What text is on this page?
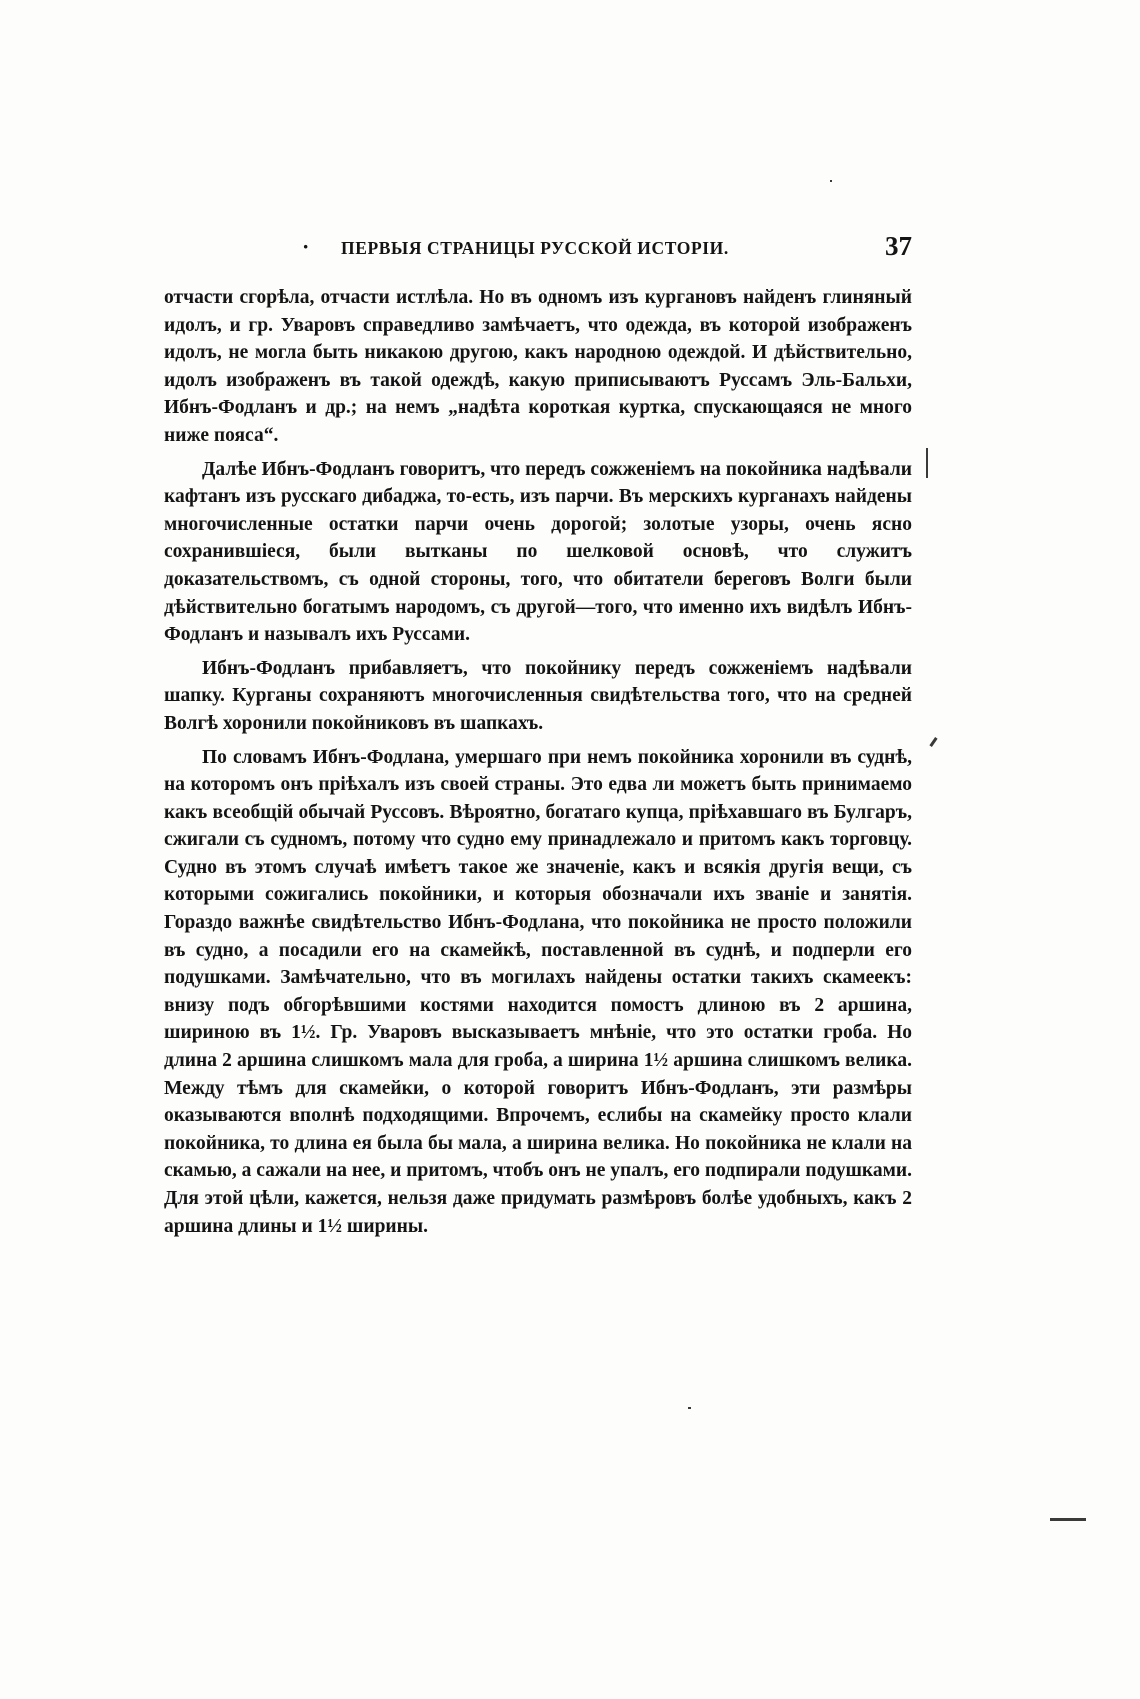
· ПЕРВЫЯ СТРАНИЦЫ РУССКОЙ ИСТОРІИ.	37

отчасти сгорѣла, отчасти истлѣла. Но въ одномъ изъ кургановъ найденъ глиняный идолъ, и гр. Уваровъ справедливо замѣчаетъ, что одежда, въ которой изображенъ идолъ, не могла быть никакою другою, какъ народною одеждой. И дѣйствительно, идолъ изображенъ въ такой одеждѣ, какую приписываютъ Руссамъ Эль-Бальхи, Ибнъ-Фодланъ и др.; на немъ „надѣта короткая куртка, спускающаяся не много ниже пояса“.

Далѣе Ибнъ-Фодланъ говоритъ, что передъ сожженіемъ на покойника надѣвали кафтанъ изъ русскаго дибаджа, то-есть, изъ парчи. Въ мерскихъ курганахъ найдены многочисленные остатки парчи очень дорогой; золотые узоры, очень ясно сохранившіеся, были вытканы по шелковой основѣ, что служитъ доказательствомъ, съ одной стороны, того, что обитатели береговъ Волги были дѣйствительно богатымъ народомъ, съ другой—того, что именно ихъ видѣлъ Ибнъ-Фодланъ и называлъ ихъ Руссами.

Ибнъ-Фодланъ прибавляетъ, что покойнику передъ сожженіемъ надѣвали шапку. Курганы сохраняютъ многочисленныя свидѣтельства того, что на средней Волгѣ хоронили покойниковъ въ шапкахъ.

По словамъ Ибнъ-Фодлана, умершаго при немъ покойника хоронили въ суднѣ, на которомъ онъ пріѣхалъ изъ своей страны. Это едва ли можетъ быть принимаемо какъ всеобщій обычай Руссовъ. Вѣроятно, богатаго купца, пріѣхавшаго въ Булгаръ, сжигали съ судномъ, потому что судно ему принадлежало и притомъ какъ торговцу. Судно въ этомъ случаѣ имѣетъ такое же значеніе, какъ и всякія другія вещи, съ которыми сожигались покойники, и которыя обозначали ихъ званіе и занятія. Гораздо важнѣе свидѣтельство Ибнъ-Фодлана, что покойника не просто положили въ судно, а посадили его на скамейкѣ, поставленной въ суднѣ, и подперли его подушками. Замѣчательно, что въ могилахъ найдены остатки такихъ скамеекъ: внизу подъ обгорѣвшими костями находится помостъ длиною въ 2 аршина, шириною въ 1½. Гр. Уваровъ высказываетъ мнѣніе, что это остатки гроба. Но длина 2 аршина слишкомъ мала для гроба, а ширина 1½ аршина слишкомъ велика. Между тѣмъ для скамейки, о которой говоритъ Ибнъ-Фодланъ, эти размѣры оказываются вполнѣ подходящими. Впрочемъ, еслибы на скамейку просто клали покойника, то длина ея была бы мала, а ширина велика. Но покойника не клали на скамью, а сажали на нее, и притомъ, чтобъ онъ не упалъ, его подпирали подушками. Для этой цѣли, кажется, нельзя даже придумать размѣровъ болѣе удобныхъ, какъ 2 аршина длины и 1½ ширины.
